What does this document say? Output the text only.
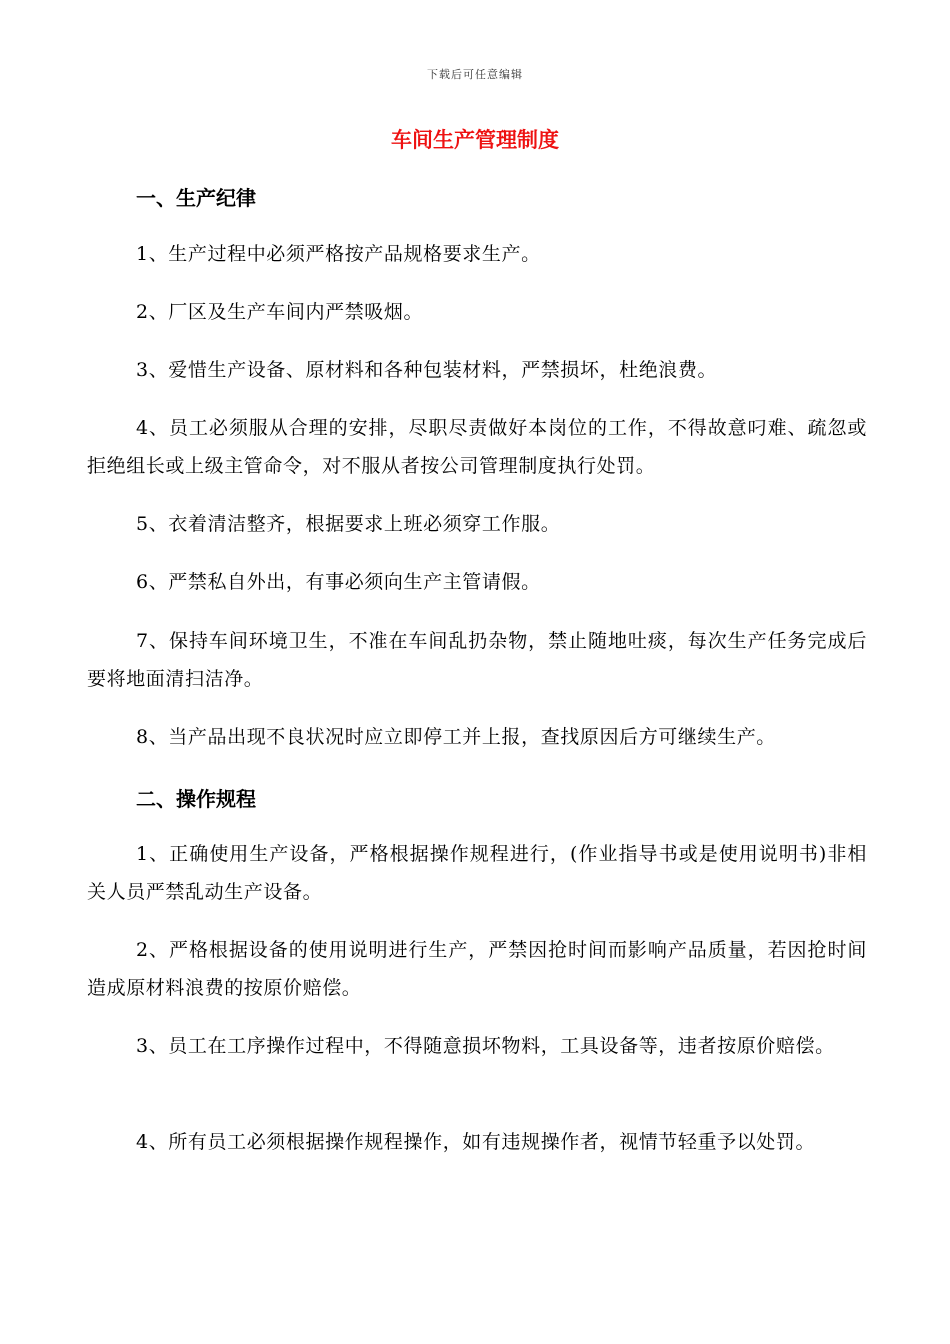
下载后可任意编辑
车间生产管理制度
一、生产纪律

1、生产过程中必须严格按产品规格要求生产。

2、厂区及生产车间内严禁吸烟。

3、爱惜生产设备、原材料和各种包装材料，严禁损坏，杜绝浪费。

4、员工必须服从合理的安排，尽职尽责做好本岗位的工作，不得故意叼难、疏忽或拒绝组长或上级主管命令，对不服从者按公司管理制度执行处罚。

5、衣着清洁整齐，根据要求上班必须穿工作服。

6、严禁私自外出，有事必须向生产主管请假。

7、保持车间环境卫生，不准在车间乱扔杂物，禁止随地吐痰，每次生产任务完成后要将地面清扫洁净。

8、当产品出现不良状况时应立即停工并上报，查找原因后方可继续生产。

二、操作规程

1、正确使用生产设备，严格根据操作规程进行，(作业指导书或是使用说明书)非相关人员严禁乱动生产设备。

2、严格根据设备的使用说明进行生产，严禁因抢时间而影响产品质量，若因抢时间造成原材料浪费的按原价赔偿。

3、员工在工序操作过程中，不得随意损坏物料，工具设备等，违者按原价赔偿。

4、所有员工必须根据操作规程操作，如有违规操作者，视情节轻重予以处罚。
